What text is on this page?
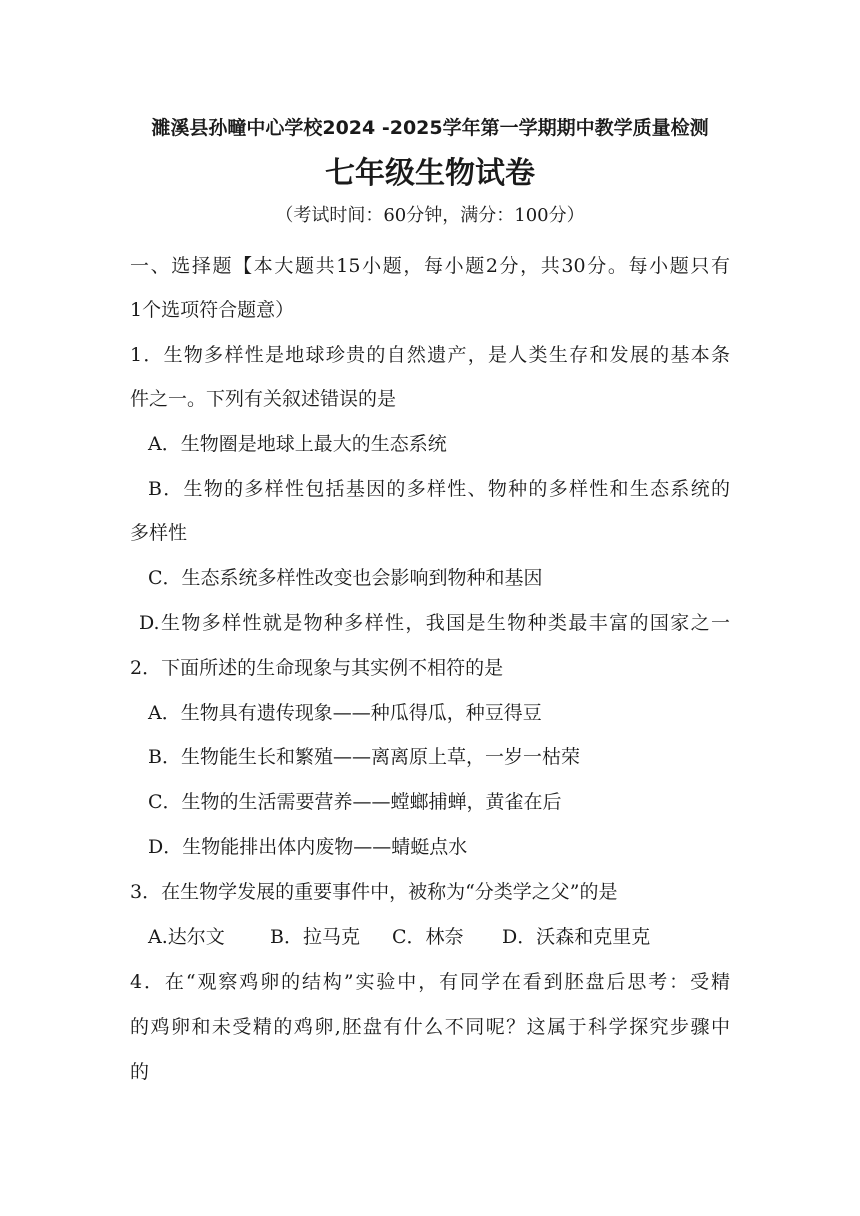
濉溪县孙疃中心学校2024 -2025学年第一学期期中教学质量检测
七年级生物试卷
（考试时间：60分钟，满分：100分）
一、选择题【本大题共15小题，每小题2分，共30分。每小题只有
1个选项符合题意）
1．生物多样性是地球珍贵的自然遗产，是人类生存和发展的基本条
件之一。下列有关叙述错误的是
A．生物圈是地球上最大的生态系统
B．生物的多样性包括基因的多样性、物种的多样性和生态系统的
多样性
C．生态系统多样性改变也会影响到物种和基因
D.生物多样性就是物种多样性，我国是生物种类最丰富的国家之一
2．下面所述的生命现象与其实例不相符的是
A．生物具有遗传现象——种瓜得瓜，种豆得豆
B．生物能生长和繁殖——离离原上草，一岁一枯荣
C．生物的生活需要营养——螳螂捕蝉，黄雀在后
D．生物能排出体内废物——蜻蜓点水
3．在生物学发展的重要事件中，被称为“分类学之父”的是
A.达尔文 B．拉马克 C．林奈 D．沃森和克里克
4．在“观察鸡卵的结构”实验中，有同学在看到胚盘后思考：受精
的鸡卵和未受精的鸡卵,胚盘有什么不同呢？这属于科学探究步骤中
的
